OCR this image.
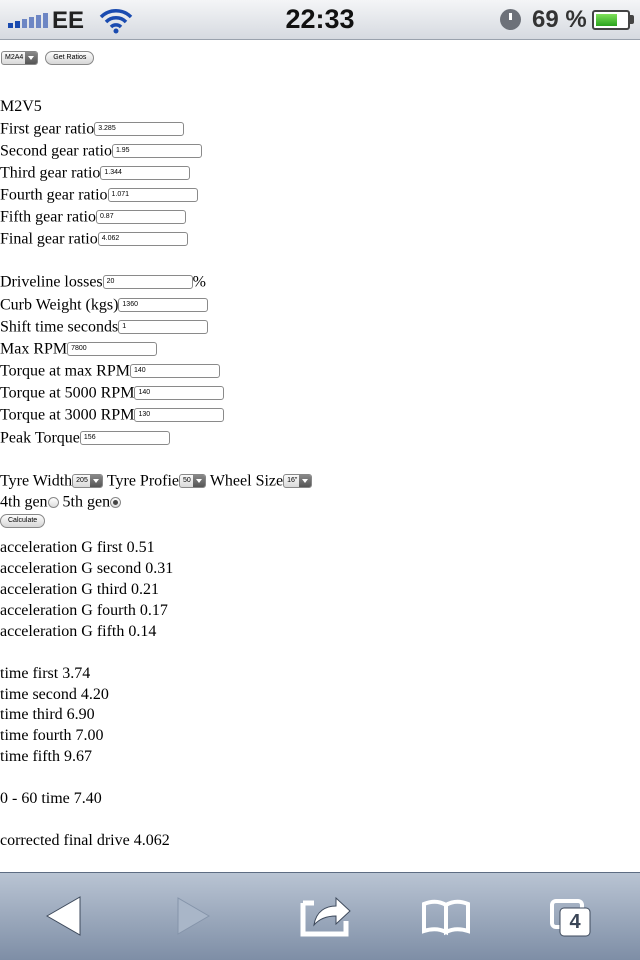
EE	22:33	69 %
M2A4	Get Ratios
M2V5
First gear ratio 3.285
Second gear ratio 1.95
Third gear ratio 1.344
Fourth gear ratio 1.071
Fifth gear ratio 0.87
Final gear ratio 4.062
Driveline losses 20	%
Curb Weight (kgs) 1360
Shift time seconds 1
Max RPM 7800
Torque at max RPM 140
Torque at 5000 RPM 140
Torque at 3000 RPM 130
Peak Torque 156
Tyre Width 205 Tyre Profie 50 Wheel Size 16"
4th gen 5th gen
Calculate
acceleration G first 0.51
acceleration G second 0.31
acceleration G third 0.21
acceleration G fourth 0.17
acceleration G fifth 0.14
time first 3.74
time second 4.20
time third 6.90
time fourth 7.00
time fifth 9.67
0 - 60 time 7.40
corrected final drive 4.062
4
